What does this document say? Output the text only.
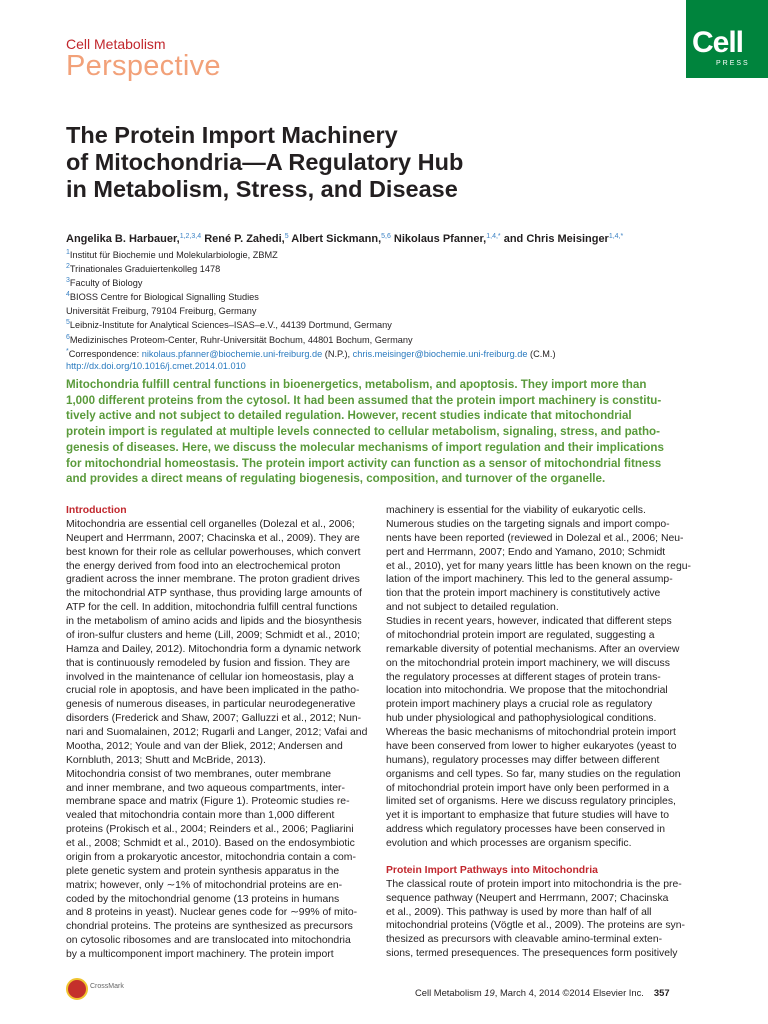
Cell Metabolism
Perspective
Cell
PRESS
The Protein Import Machinery
of Mitochondria—A Regulatory Hub
in Metabolism, Stress, and Disease
Angelika B. Harbauer,$^{1,2,3,4}$ René P. Zahedi,$^5$ Albert Sickmann,$^{5,6}$ Nikolaus Pfanner,$^{1,4,*}$ and Chris Meisinger$^{1,4,*}$
$^1$Institut für Biochemie und Molekularbiologie, ZBMZ
$^2$Trinationales Graduiertenkolleg 1478
$^3$Faculty of Biology
$^4$BIOSS Centre for Biological Signalling Studies
Universität Freiburg, 79104 Freiburg, Germany
$^5$Leibniz-Institute for Analytical Sciences–ISAS–e.V., 44139 Dortmund, Germany
$^6$Medizinisches Proteom-Center, Ruhr-Universität Bochum, 44801 Bochum, Germany
*Correspondence: nikolaus.pfanner@biochemie.uni-freiburg.de (N.P.), chris.meisinger@biochemie.uni-freiburg.de (C.M.)
http://dx.doi.org/10.1016/j.cmet.2014.01.010
Mitochondria fulfill central functions in bioenergetics, metabolism, and apoptosis. They import more than
1,000 different proteins from the cytosol. It had been assumed that the protein import machinery is constitu-
tively active and not subject to detailed regulation. However, recent studies indicate that mitochondrial
protein import is regulated at multiple levels connected to cellular metabolism, signaling, stress, and patho-
genesis of diseases. Here, we discuss the molecular mechanisms of import regulation and their implications
for mitochondrial homeostasis. The protein import activity can function as a sensor of mitochondrial fitness
and provides a direct means of regulating biogenesis, composition, and turnover of the organelle.
Introduction
Mitochondria are essential cell organelles (Dolezal et al., 2006;
Neupert and Herrmann, 2007; Chacinska et al., 2009). They are
best known for their role as cellular powerhouses, which convert
the energy derived from food into an electrochemical proton
gradient across the inner membrane. The proton gradient drives
the mitochondrial ATP synthase, thus providing large amounts of
ATP for the cell. In addition, mitochondria fulfill central functions
in the metabolism of amino acids and lipids and the biosynthesis
of iron-sulfur clusters and heme (Lill, 2009; Schmidt et al., 2010;
Hamza and Dailey, 2012). Mitochondria form a dynamic network
that is continuously remodeled by fusion and fission. They are
involved in the maintenance of cellular ion homeostasis, play a
crucial role in apoptosis, and have been implicated in the patho-
genesis of numerous diseases, in particular neurodegenerative
disorders (Frederick and Shaw, 2007; Galluzzi et al., 2012; Nun-
nari and Suomalainen, 2012; Rugarli and Langer, 2012; Vafai and
Mootha, 2012; Youle and van der Bliek, 2012; Andersen and
Kornbluth, 2013; Shutt and McBride, 2013).
Mitochondria consist of two membranes, outer membrane
and inner membrane, and two aqueous compartments, inter-
membrane space and matrix (Figure 1). Proteomic studies re-
vealed that mitochondria contain more than 1,000 different
proteins (Prokisch et al., 2004; Reinders et al., 2006; Pagliarini
et al., 2008; Schmidt et al., 2010). Based on the endosymbiotic
origin from a prokaryotic ancestor, mitochondria contain a com-
plete genetic system and protein synthesis apparatus in the
matrix; however, only ∼1% of mitochondrial proteins are en-
coded by the mitochondrial genome (13 proteins in humans
and 8 proteins in yeast). Nuclear genes code for ∼99% of mito-
chondrial proteins. The proteins are synthesized as precursors
on cytosolic ribosomes and are translocated into mitochondria
by a multicomponent import machinery. The protein import
machinery is essential for the viability of eukaryotic cells.
Numerous studies on the targeting signals and import compo-
nents have been reported (reviewed in Dolezal et al., 2006; Neu-
pert and Herrmann, 2007; Endo and Yamano, 2010; Schmidt
et al., 2010), yet for many years little has been known on the regu-
lation of the import machinery. This led to the general assump-
tion that the protein import machinery is constitutively active
and not subject to detailed regulation.
Studies in recent years, however, indicated that different steps
of mitochondrial protein import are regulated, suggesting a
remarkable diversity of potential mechanisms. After an overview
on the mitochondrial protein import machinery, we will discuss
the regulatory processes at different stages of protein trans-
location into mitochondria. We propose that the mitochondrial
protein import machinery plays a crucial role as regulatory
hub under physiological and pathophysiological conditions.
Whereas the basic mechanisms of mitochondrial protein import
have been conserved from lower to higher eukaryotes (yeast to
humans), regulatory processes may differ between different
organisms and cell types. So far, many studies on the regulation
of mitochondrial protein import have only been performed in a
limited set of organisms. Here we discuss regulatory principles,
yet it is important to emphasize that future studies will have to
address which regulatory processes have been conserved in
evolution and which processes are organism specific.
Protein Import Pathways into Mitochondria
The classical route of protein import into mitochondria is the pre-
sequence pathway (Neupert and Herrmann, 2007; Chacinska
et al., 2009). This pathway is used by more than half of all
mitochondrial proteins (Vögtle et al., 2009). The proteins are syn-
thesized as precursors with cleavable amino-terminal exten-
sions, termed presequences. The presequences form positively
CrossMark
Cell Metabolism 19, March 4, 2014 ©2014 Elsevier Inc. 357
